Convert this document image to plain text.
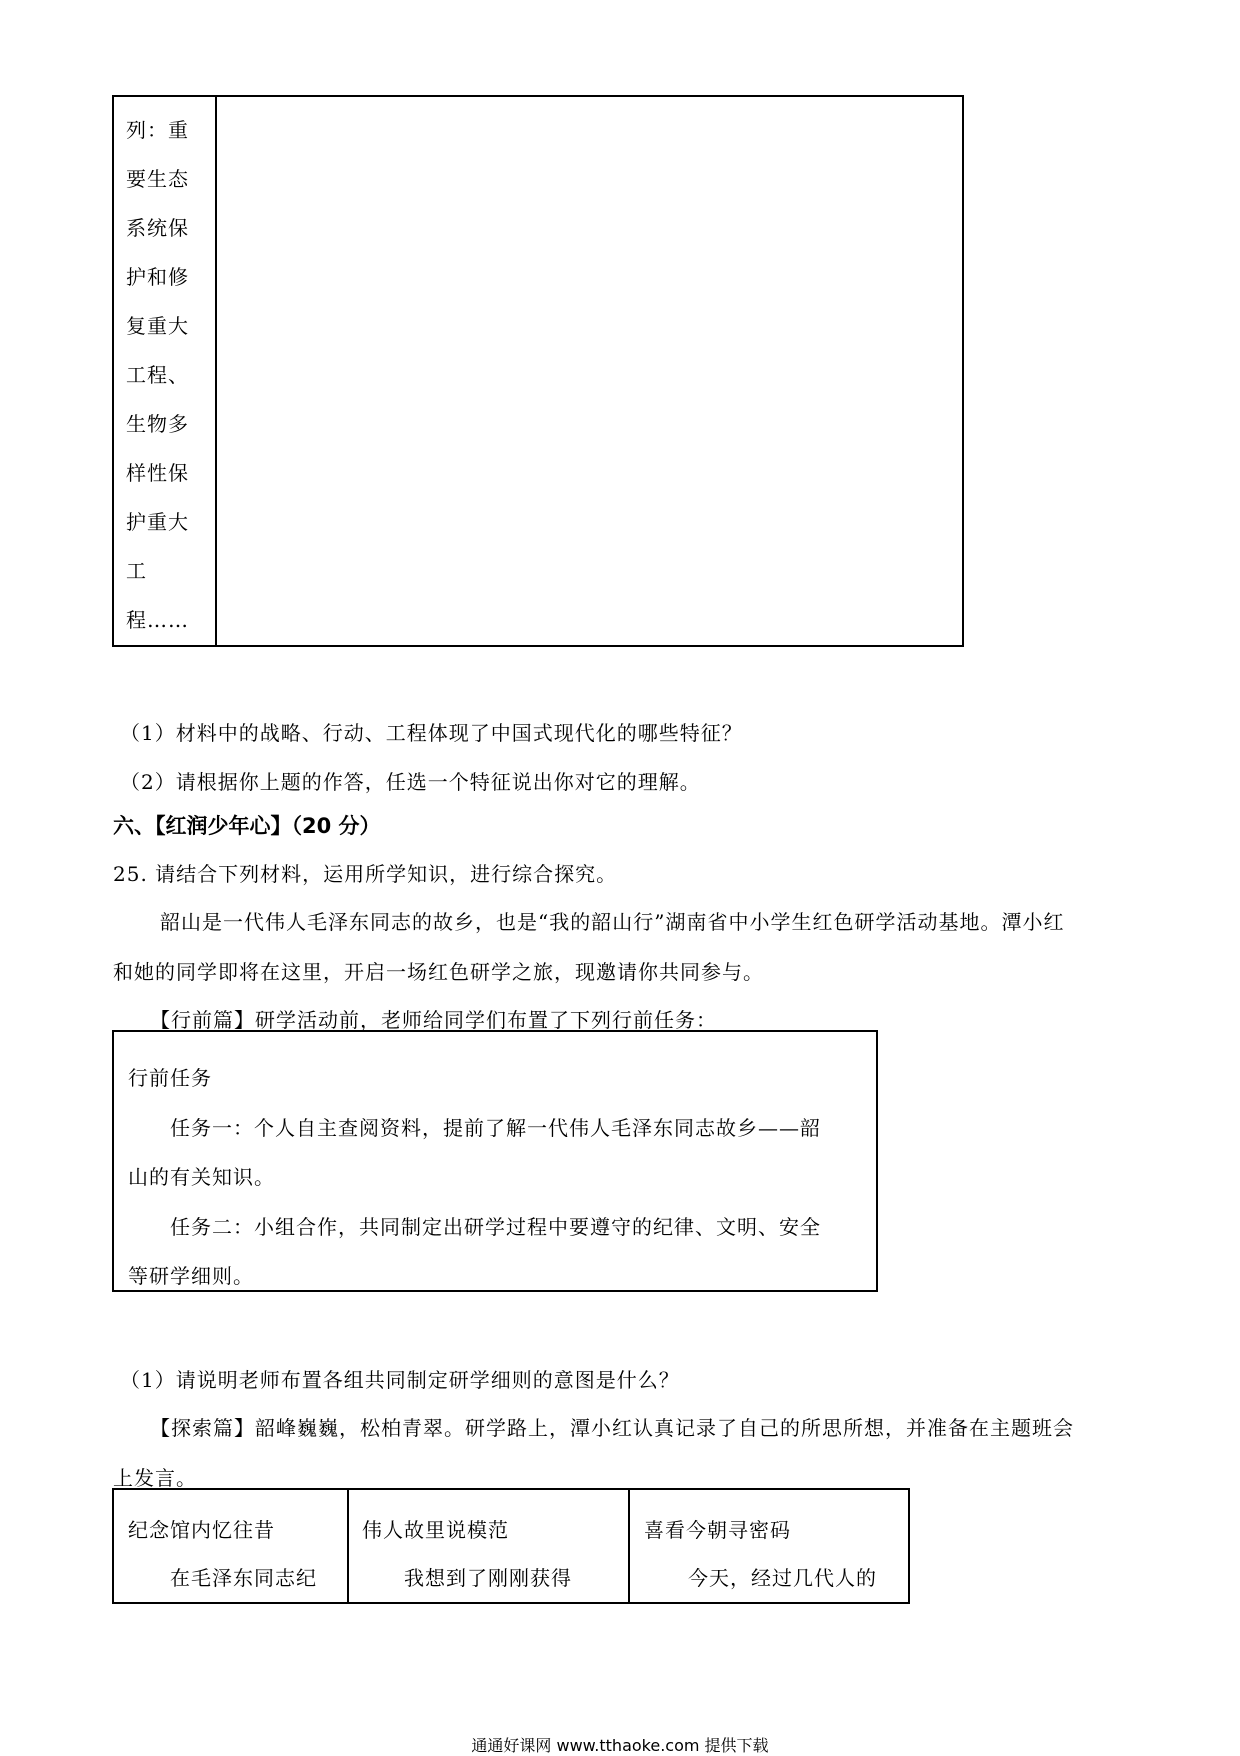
列：重
要生态
系统保
护和修
复重大
工程、
生物多
样性保
护重大
工
程……
（1）材料中的战略、行动、工程体现了中国式现代化的哪些特征？
（2）请根据你上题的作答，任选一个特征说出你对它的理解。
六、【红润少年心】（20 分）
25. 请结合下列材料，运用所学知识，进行综合探究。
韶山是一代伟人毛泽东同志的故乡，也是“我的韶山行”湖南省中小学生红色研学活动基地。潭小红
和她的同学即将在这里，开启一场红色研学之旅，现邀请你共同参与。
【行前篇】研学活动前，老师给同学们布置了下列行前任务：
行前任务
任务一：个人自主查阅资料，提前了解一代伟人毛泽东同志故乡——韶
山的有关知识。
任务二：小组合作，共同制定出研学过程中要遵守的纪律、文明、安全
等研学细则。
（1）请说明老师布置各组共同制定研学细则的意图是什么？
【探索篇】韶峰巍巍，松柏青翠。研学路上，潭小红认真记录了自己的所思所想，并准备在主题班会
上发言。
纪念馆内忆往昔
在毛泽东同志纪
伟人故里说模范
我想到了刚刚获得
喜看今朝寻密码
今天，经过几代人的
通通好课网 www.tthaoke.com 提供下载
